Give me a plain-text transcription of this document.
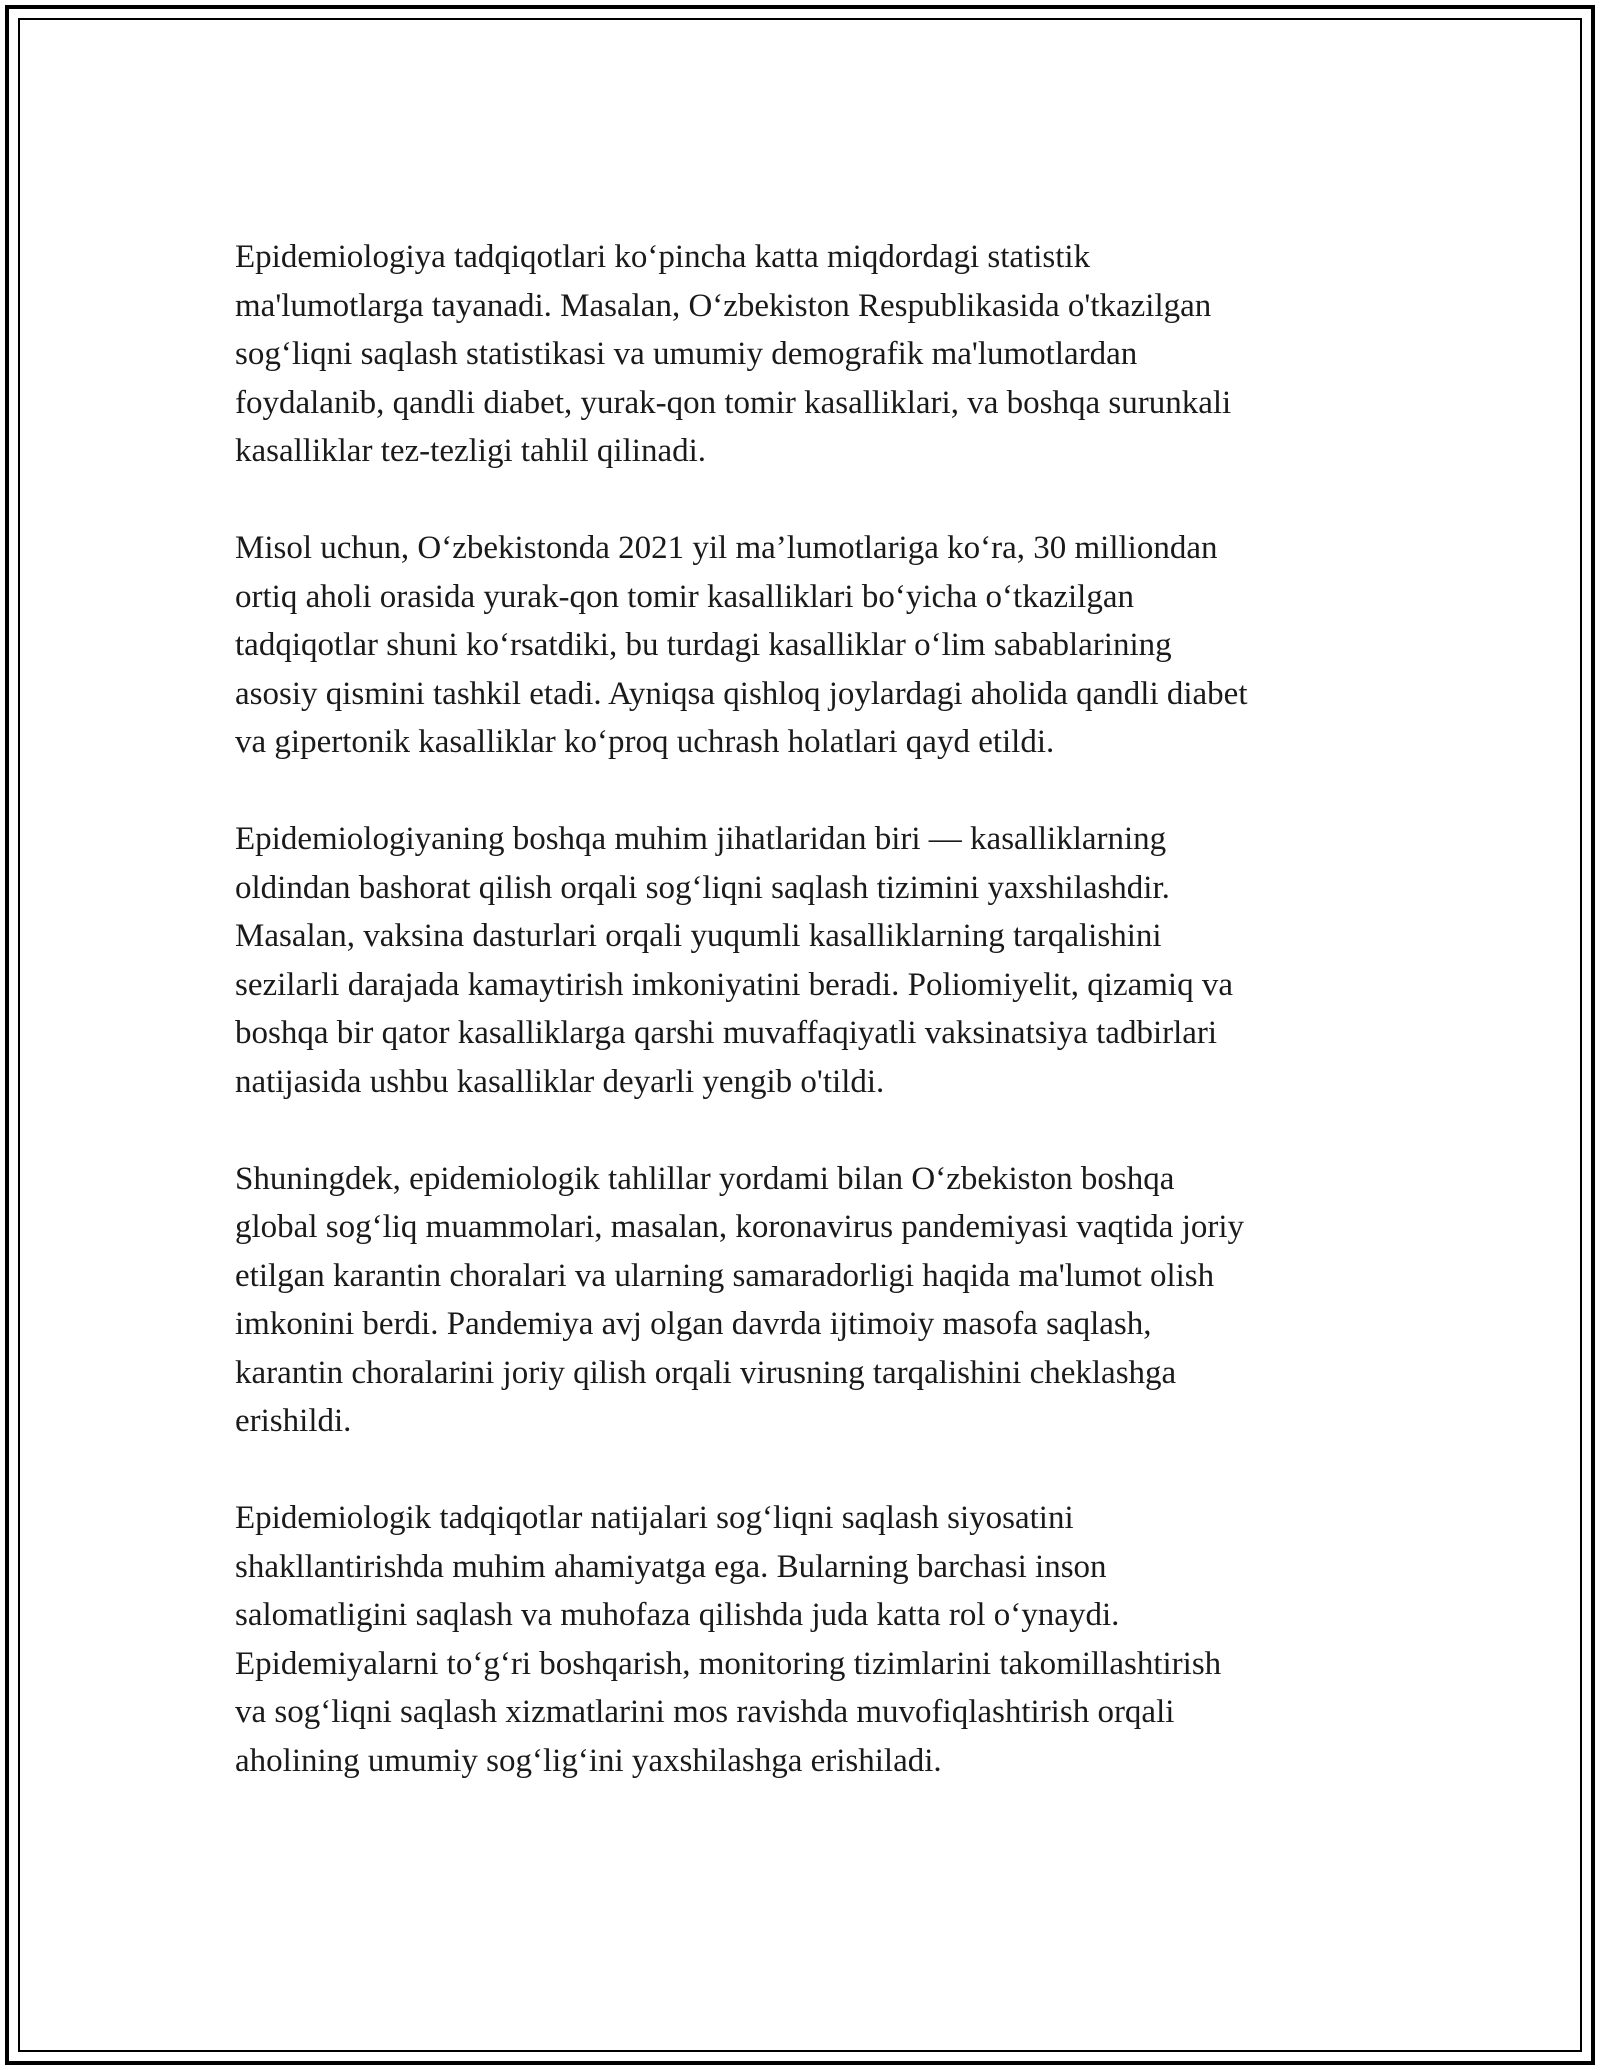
Epidemiologiya tadqiqotlari ko‘pincha katta miqdordagi statistik
ma'lumotlarga tayanadi. Masalan, O‘zbekiston Respublikasida o'tkazilgan
sog‘liqni saqlash statistikasi va umumiy demografik ma'lumotlardan
foydalanib, qandli diabet, yurak-qon tomir kasalliklari, va boshqa surunkali
kasalliklar tez-tezligi tahlil qilinadi.

Misol uchun, O‘zbekistonda 2021 yil ma’lumotlariga ko‘ra, 30 milliondan
ortiq aholi orasida yurak-qon tomir kasalliklari bo‘yicha o‘tkazilgan
tadqiqotlar shuni ko‘rsatdiki, bu turdagi kasalliklar o‘lim sabablarining
asosiy qismini tashkil etadi. Ayniqsa qishloq joylardagi aholida qandli diabet
va gipertonik kasalliklar ko‘proq uchrash holatlari qayd etildi.

Epidemiologiyaning boshqa muhim jihatlaridan biri — kasalliklarning
oldindan bashorat qilish orqali sog‘liqni saqlash tizimini yaxshilashdir.
Masalan, vaksina dasturlari orqali yuqumli kasalliklarning tarqalishini
sezilarli darajada kamaytirish imkoniyatini beradi. Poliomiyelit, qizamiq va
boshqa bir qator kasalliklarga qarshi muvaffaqiyatli vaksinatsiya tadbirlari
natijasida ushbu kasalliklar deyarli yengib o'tildi.

Shuningdek, epidemiologik tahlillar yordami bilan O‘zbekiston boshqa
global sog‘liq muammolari, masalan, koronavirus pandemiyasi vaqtida joriy
etilgan karantin choralari va ularning samaradorligi haqida ma'lumot olish
imkonini berdi. Pandemiya avj olgan davrda ijtimoiy masofa saqlash,
karantin choralarini joriy qilish orqali virusning tarqalishini cheklashga
erishildi.

Epidemiologik tadqiqotlar natijalari sog‘liqni saqlash siyosatini
shakllantirishda muhim ahamiyatga ega. Bularning barchasi inson
salomatligini saqlash va muhofaza qilishda juda katta rol o‘ynaydi.
Epidemiyalarni to‘g‘ri boshqarish, monitoring tizimlarini takomillashtirish
va sog‘liqni saqlash xizmatlarini mos ravishda muvofiqlashtirish orqali
aholining umumiy sog‘lig‘ini yaxshilashga erishiladi.
